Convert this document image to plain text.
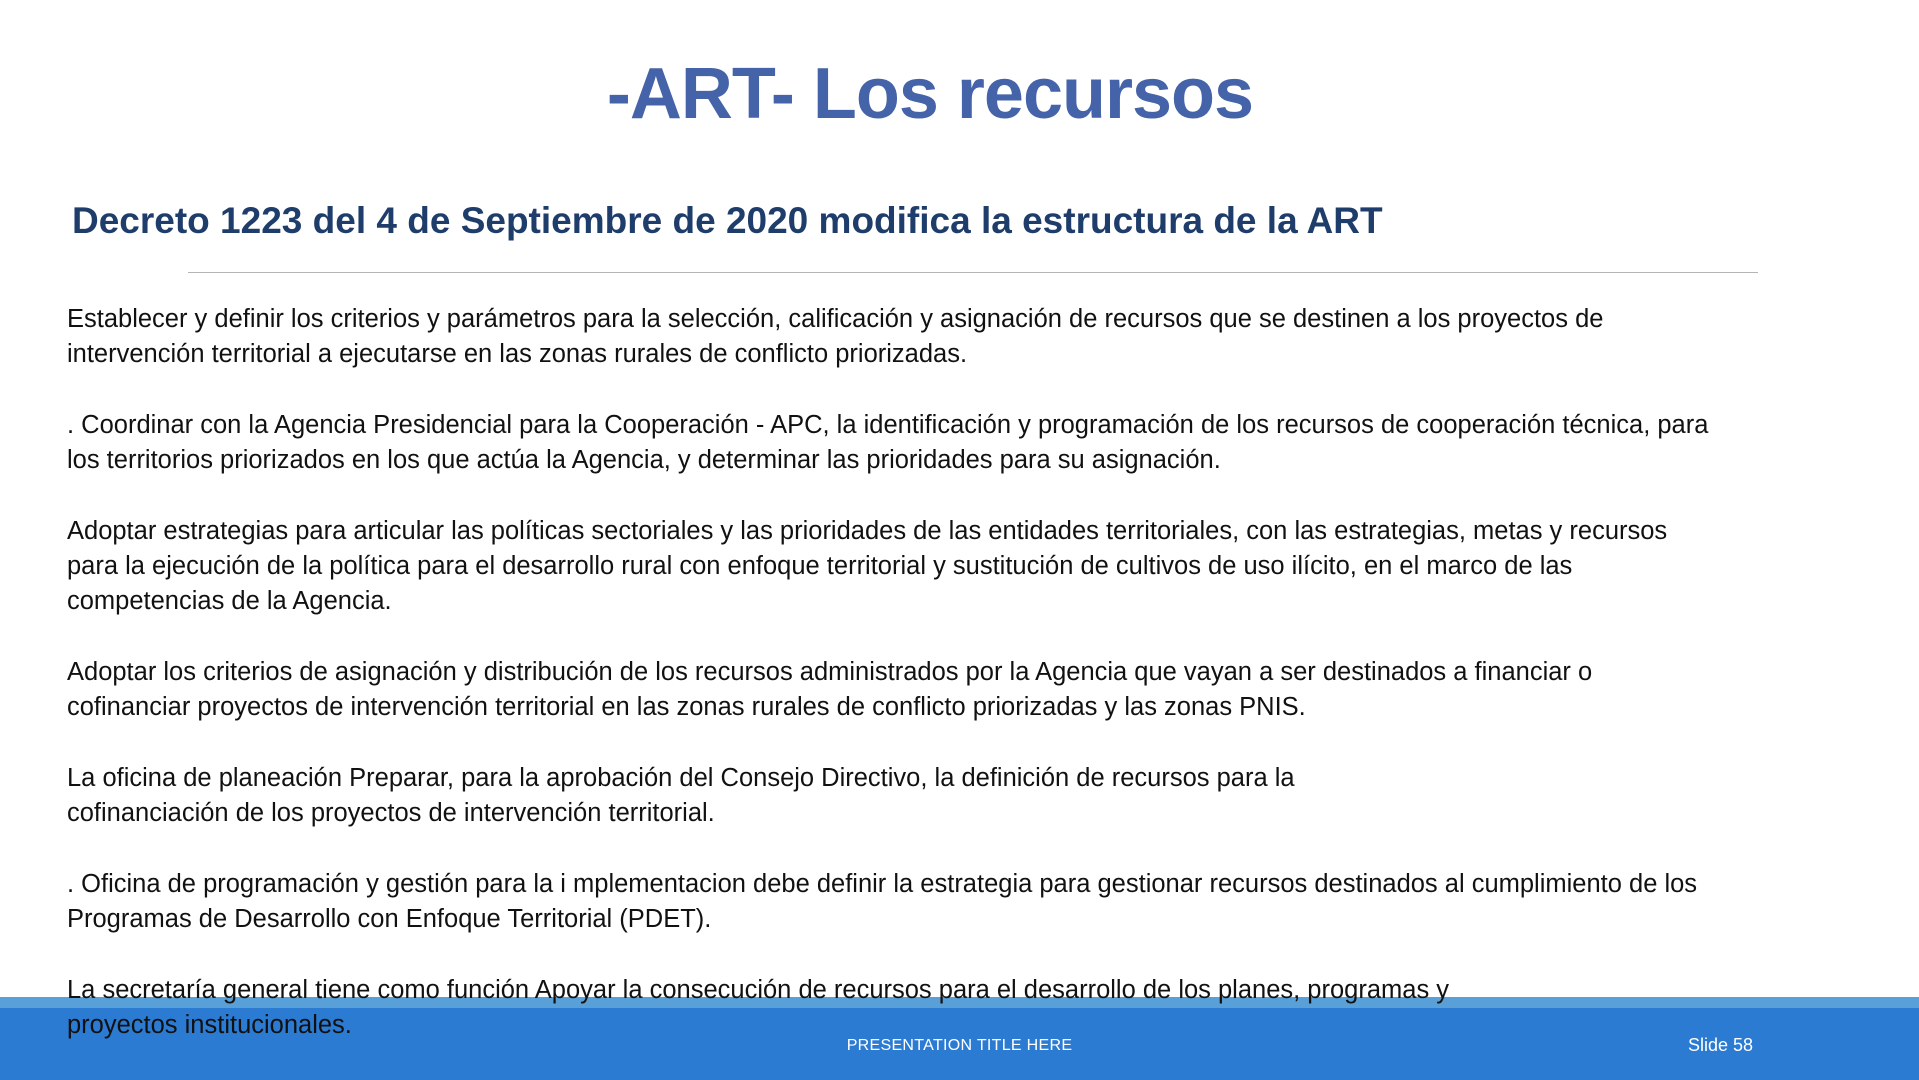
-ART- Los recursos
Decreto 1223 del 4 de Septiembre de 2020 modifica la estructura de la ART

Establecer y definir los criterios y parámetros para la selección, calificación y asignación de recursos que se destinen a los proyectos de
intervención territorial a ejecutarse en las zonas rurales de conflicto priorizadas.

. Coordinar con la Agencia Presidencial para la Cooperación - APC, la identificación y programación de los recursos de cooperación técnica, para
los territorios priorizados en los que actúa la Agencia, y determinar las prioridades para su asignación.

Adoptar estrategias para articular las políticas sectoriales y las prioridades de las entidades territoriales, con las estrategias, metas y recursos
para la ejecución de la política para el desarrollo rural con enfoque territorial y sustitución de cultivos de uso ilícito, en el marco de las
competencias de la Agencia.

Adoptar los criterios de asignación y distribución de los recursos administrados por la Agencia que vayan a ser destinados a financiar o
cofinanciar proyectos de intervención territorial en las zonas rurales de conflicto priorizadas y las zonas PNIS.

La oficina de planeación Preparar, para la aprobación del Consejo Directivo, la definición de recursos para la
cofinanciación de los proyectos de intervención territorial.

. Oficina de programación y gestión para la i mplementacion debe definir la estrategia para gestionar recursos destinados al cumplimiento de los
Programas de Desarrollo con Enfoque Territorial (PDET).

La secretaría general tiene como función Apoyar la consecución de recursos para el desarrollo de los planes, programas y
proyectos institucionales.

PRESENTATION TITLE HERE	Slide 58
